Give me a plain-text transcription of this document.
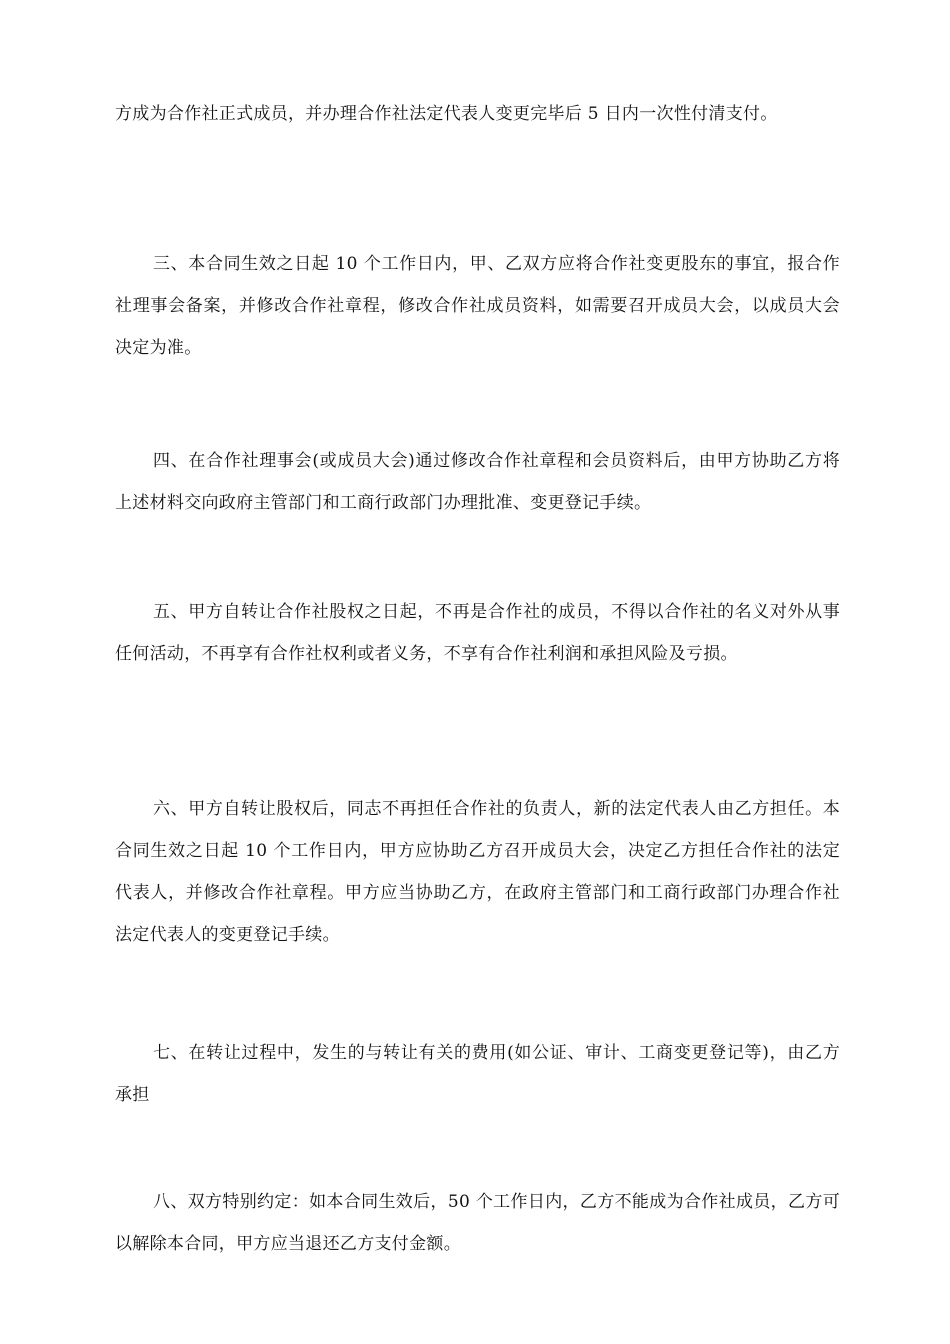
方成为合作社正式成员，并办理合作社法定代表人变更完毕后 5 日内一次性付清支付。

三、本合同生效之日起 10 个工作日内，甲、乙双方应将合作社变更股东的事宜，报合作社理事会备案，并修改合作社章程，修改合作社成员资料，如需要召开成员大会，以成员大会决定为准。

四、在合作社理事会(或成员大会)通过修改合作社章程和会员资料后，由甲方协助乙方将上述材料交向政府主管部门和工商行政部门办理批准、变更登记手续。

五、甲方自转让合作社股权之日起，不再是合作社的成员，不得以合作社的名义对外从事任何活动，不再享有合作社权利或者义务，不享有合作社利润和承担风险及亏损。

六、甲方自转让股权后，同志不再担任合作社的负责人，新的法定代表人由乙方担任。本合同生效之日起 10 个工作日内，甲方应协助乙方召开成员大会，决定乙方担任合作社的法定代表人，并修改合作社章程。甲方应当协助乙方，在政府主管部门和工商行政部门办理合作社法定代表人的变更登记手续。

七、在转让过程中，发生的与转让有关的费用(如公证、审计、工商变更登记等)，由乙方承担

八、双方特别约定：如本合同生效后，50 个工作日内，乙方不能成为合作社成员，乙方可以解除本合同，甲方应当退还乙方支付金额。
